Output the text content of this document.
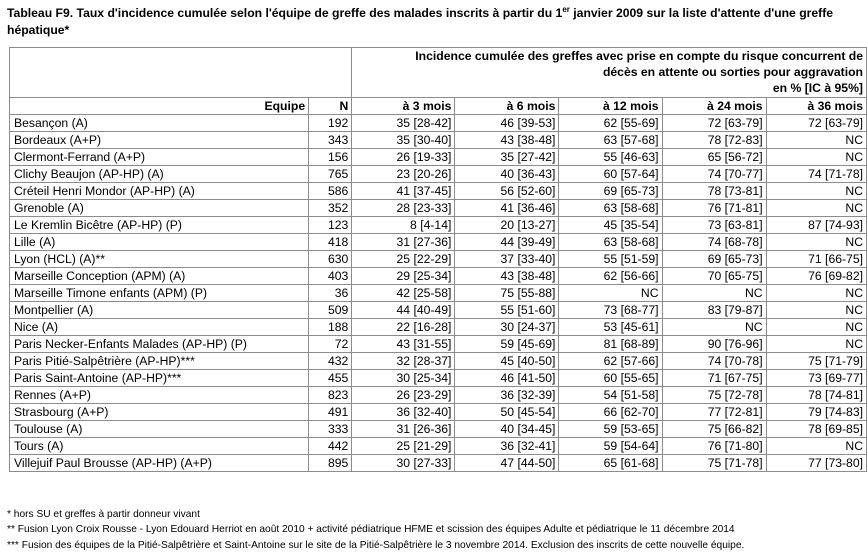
Tableau F9. Taux d'incidence cumulée selon l'équipe de greffe des malades inscrits à partir du 1er janvier 2009 sur la liste d'attente d'une greffe hépatique*

		Incidence cumulée des greffes avec prise en compte du risque concurrent de
décès en attente ou sorties pour aggravation
en % [IC à 95%]				

Equipe	N	à 3 mois	à 6 mois	à 12 mois	à 24 mois	à 36 mois
Besançon (A)	192	35 [28-42]	46 [39-53]	62 [55-69]	72 [63-79]	72 [63-79]
Bordeaux (A+P)	343	35 [30-40]	43 [38-48]	63 [57-68]	78 [72-83]	NC
Clermont-Ferrand (A+P)	156	26 [19-33]	35 [27-42]	55 [46-63]	65 [56-72]	NC
Clichy Beaujon (AP-HP) (A)	765	23 [20-26]	40 [36-43]	60 [57-64]	74 [70-77]	74 [71-78]
Créteil Henri Mondor (AP-HP) (A)	586	41 [37-45]	56 [52-60]	69 [65-73]	78 [73-81]	NC
Grenoble (A)	352	28 [23-33]	41 [36-46]	63 [58-68]	76 [71-81]	NC
Le Kremlin Bicêtre (AP-HP) (P)	123	8 [4-14]	20 [13-27]	45 [35-54]	73 [63-81]	87 [74-93]
Lille (A)	418	31 [27-36]	44 [39-49]	63 [58-68]	74 [68-78]	NC
Lyon (HCL) (A)**	630	25 [22-29]	37 [33-40]	55 [51-59]	69 [65-73]	71 [66-75]
Marseille Conception (APM) (A)	403	29 [25-34]	43 [38-48]	62 [56-66]	70 [65-75]	76 [69-82]
Marseille Timone enfants (APM) (P)	36	42 [25-58]	75 [55-88]	NC	NC	NC
Montpellier (A)	509	44 [40-49]	55 [51-60]	73 [68-77]	83 [79-87]	NC
Nice (A)	188	22 [16-28]	30 [24-37]	53 [45-61]	NC	NC
Paris Necker-Enfants Malades (AP-HP) (P)	72	43 [31-55]	59 [45-69]	81 [68-89]	90 [76-96]	NC
Paris Pitié-Salpêtrière (AP-HP)***	432	32 [28-37]	45 [40-50]	62 [57-66]	74 [70-78]	75 [71-79]
Paris Saint-Antoine (AP-HP)***	455	30 [25-34]	46 [41-50]	60 [55-65]	71 [67-75]	73 [69-77]
Rennes (A+P)	823	26 [23-29]	36 [32-39]	54 [51-58]	75 [72-78]	78 [74-81]
Strasbourg (A+P)	491	36 [32-40]	50 [45-54]	66 [62-70]	77 [72-81]	79 [74-83]
Toulouse (A)	333	31 [26-36]	40 [34-45]	59 [53-65]	75 [66-82]	78 [69-85]
Tours (A)	442	25 [21-29]	36 [32-41]	59 [54-64]	76 [71-80]	NC
Villejuif Paul Brousse (AP-HP) (A+P)	895	30 [27-33]	47 [44-50]	65 [61-68]	75 [71-78]	77 [73-80]
* hors SU et greffes à partir donneur vivant
** Fusion Lyon Croix Rousse - Lyon Edouard Herriot en août 2010 + activité pédiatrique HFME et scission des équipes Adulte et pédiatrique le 11 décembre 2014
*** Fusion des équipes de la Pitié-Salpêtrière et Saint-Antoine sur le site de la Pitié-Salpêtrière le 3 novembre 2014. Exclusion des inscrits de cette nouvelle équipe.
